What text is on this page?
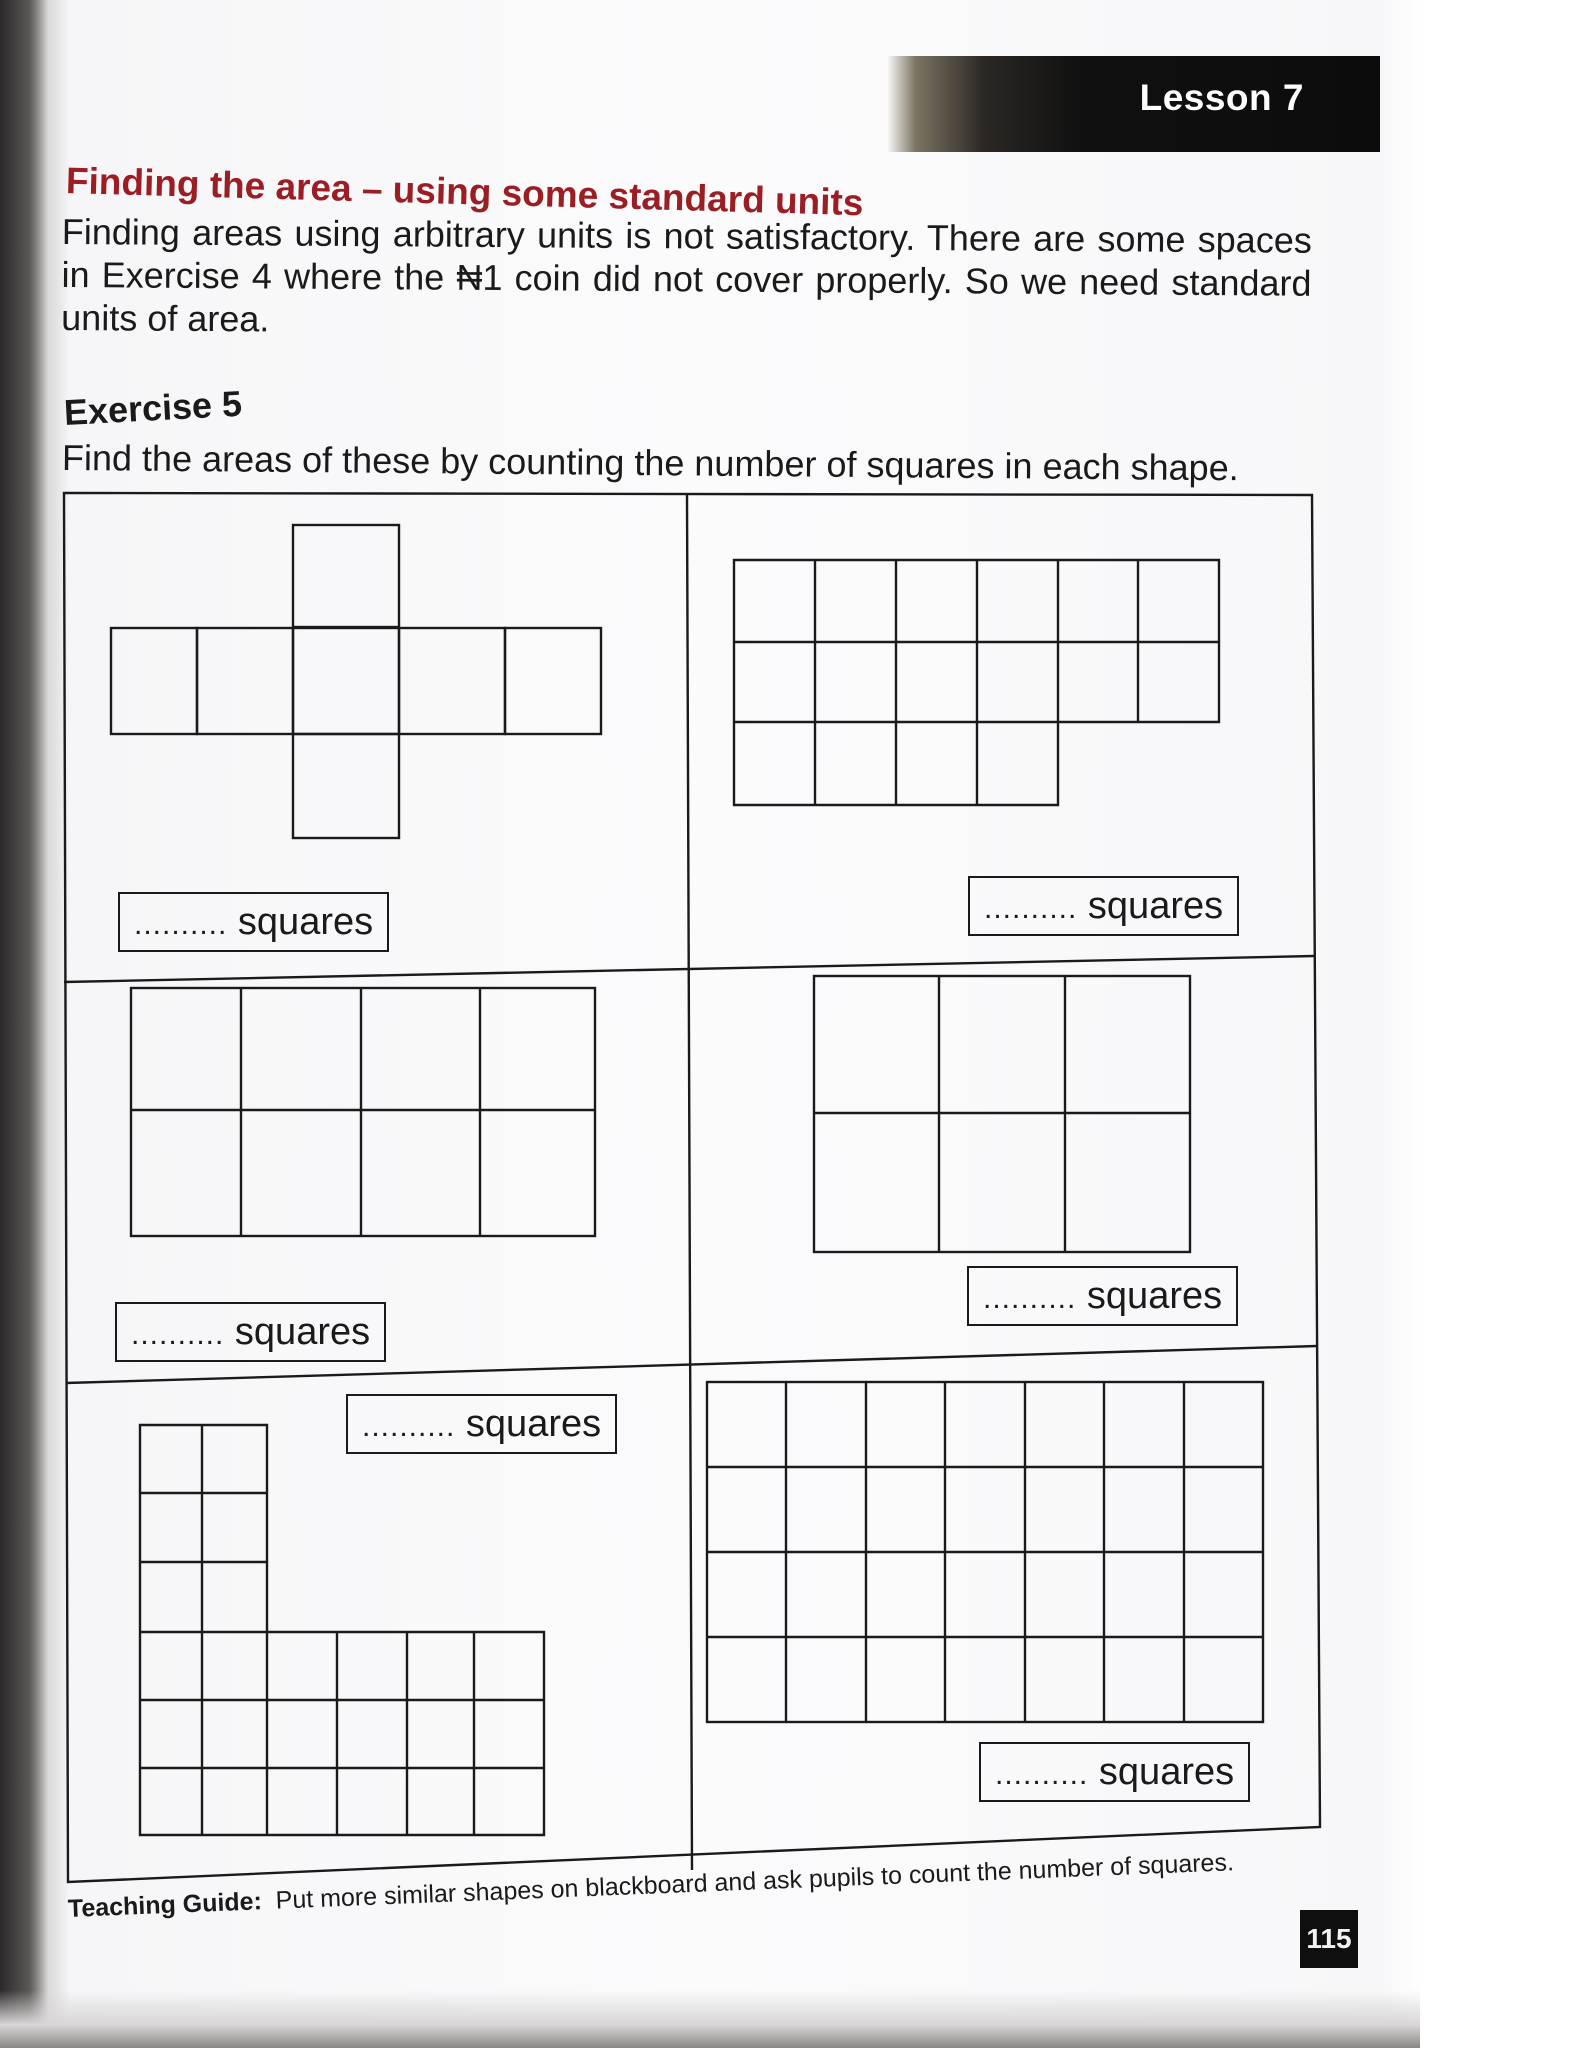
Lesson 7
Finding the area – using some standard units
Finding areas using arbitrary units is not satisfactory. There are some spaces in Exercise 4 where the ₦1 coin did not cover properly. So we need standard units of area.
Exercise 5
Find the areas of these by counting the number of squares in each shape.
.......... squares	.......... squares
.......... squares
.......... squares
.......... squares
.......... squares
Teaching Guide: Put more similar shapes on blackboard and ask pupils to count the number of squares.
115
